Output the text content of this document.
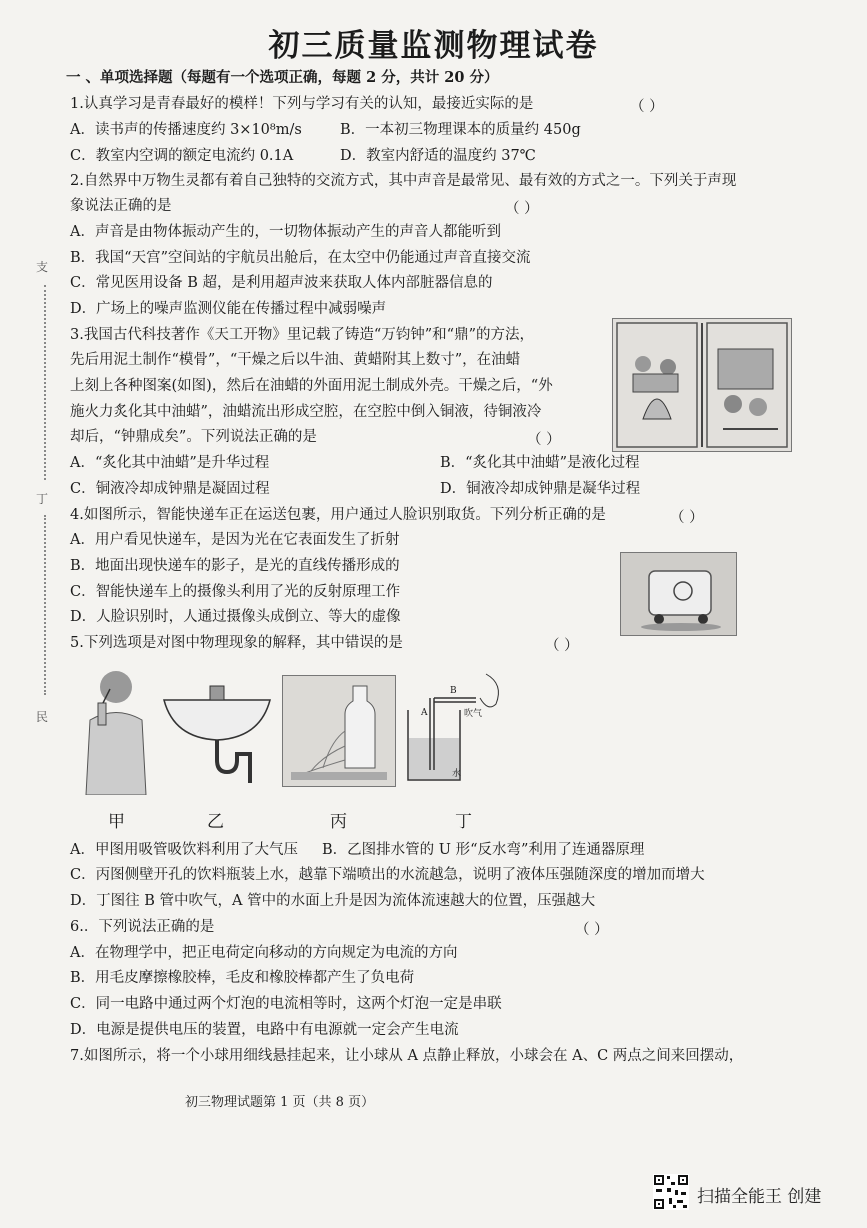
初三质量监测物理试卷
支
丁
民
一 、单项选择题（每题有一个选项正确，每题 2 分，共计 20 分）
1.认真学习是青春最好的模样！下列与学习有关的认知，最接近实际的是	（ ）
A．读书声的传播速度约 3×10⁸m/s	B．一本初三物理课本的质量约 450g
C．教室内空调的额定电流约 0.1A	D．教室内舒适的温度约 37℃
2.自然界中万物生灵都有着自己独特的交流方式，其中声音是最常见、最有效的方式之一。下列关于声现
象说法正确的是	（ ）
A．声音是由物体振动产生的，一切物体振动产生的声音人都能听到
B．我国“天宫”空间站的宇航员出舱后，在太空中仍能通过声音直接交流
C．常见医用设备 B 超，是利用超声波来获取人体内部脏器信息的
D．广场上的噪声监测仪能在传播过程中减弱噪声
3.我国古代科技著作《天工开物》里记载了铸造“万钧钟”和“鼎”的方法，
先后用泥土制作“模骨”，“干燥之后以牛油、黄蜡附其上数寸”，在油蜡
上刻上各种图案(如图)，然后在油蜡的外面用泥土制成外壳。干燥之后，“外
施火力炙化其中油蜡”，油蜡流出形成空腔，在空腔中倒入铜液，待铜液冷
却后，“钟鼎成矣”。下列说法正确的是	（ ）
A．“炙化其中油蜡”是升华过程	B．“炙化其中油蜡”是液化过程
C．铜液冷却成钟鼎是凝固过程	D．铜液冷却成钟鼎是凝华过程
4.如图所示，智能快递车正在运送包裹，用户通过人脸识别取货。下列分析正确的是	（ ）
A．用户看见快递车，是因为光在它表面发生了折射
B．地面出现快递车的影子，是光的直线传播形成的
C．智能快递车上的摄像头利用了光的反射原理工作
D．人脸识别时，人通过摄像头成倒立、等大的虚像
5.下列选项是对图中物理现象的解释，其中错误的是	（ ）
B
A	吹气
水
甲	乙	丙	丁
A．甲图用吸管吸饮料利用了大气压 B．乙图排水管的 U 形“反水弯”利用了连通器原理
C．丙图侧壁开孔的饮料瓶装上水，越靠下端喷出的水流越急，说明了液体压强随深度的增加而增大
D．丁图往 B 管中吹气，A 管中的水面上升是因为流体流速越大的位置，压强越大
6.．下列说法正确的是	（ ）
A．在物理学中，把正电荷定向移动的方向规定为电流的方向
B．用毛皮摩擦橡胶棒，毛皮和橡胶棒都产生了负电荷
C．同一电路中通过两个灯泡的电流相等时，这两个灯泡一定是串联
D．电源是提供电压的装置，电路中有电源就一定会产生电流
7.如图所示，将一个小球用细线悬挂起来，让小球从 A 点静止释放，小球会在 A、C 两点之间来回摆动，
初三物理试题第 1 页（共 8 页）
扫描全能王 创建
